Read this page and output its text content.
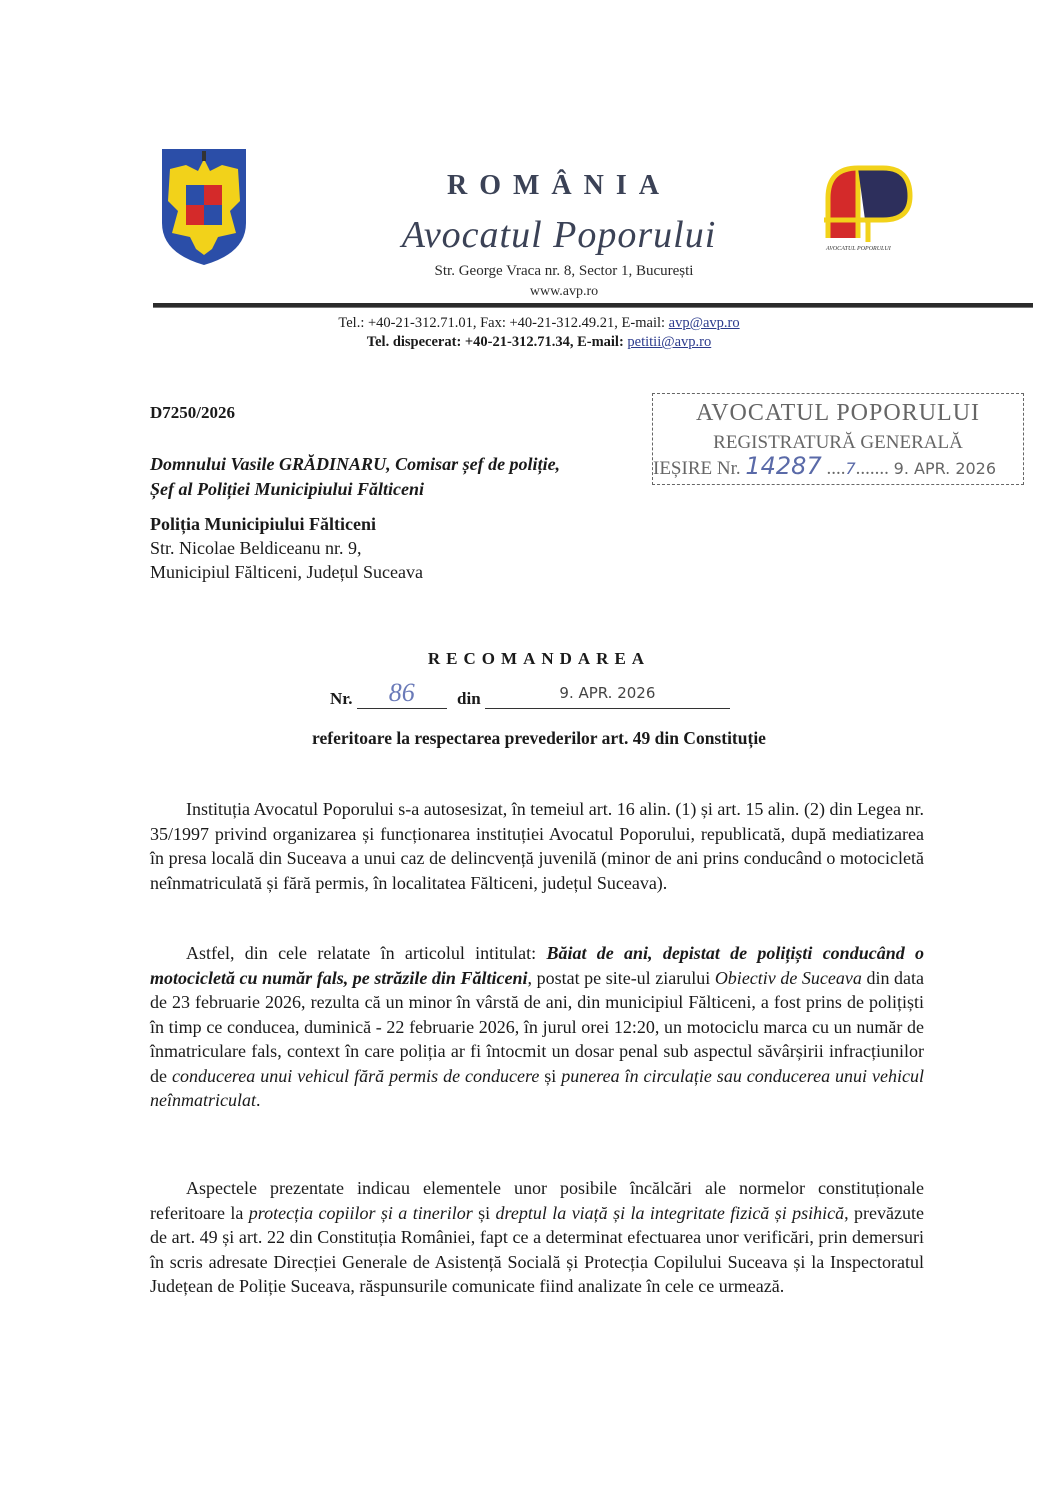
ROMÂNIA
Avocatul Poporului
Str. George Vraca nr. 8, Sector 1, București
www.avp.ro
AVOCATUL POPORULUI
Tel.: +40-21-312.71.01, Fax: +40-21-312.49.21, E-mail: avp@avp.ro
Tel. dispecerat: +40-21-312.71.34, E-mail: petitii@avp.ro
AVOCATUL POPORULUI
REGISTRATURĂ GENERALĂ
IEȘIRE Nr. 14287 ....7....... 9. APR. 2026
D7250/2026
Domnului Vasile GRĂDINARU, Comisar șef de poliție,
Șef al Poliției Municipiului Fălticeni
Poliția Municipiului Fălticeni
Str. Nicolae Beldiceanu nr. 9,
Municipiul Fălticeni, Județul Suceava
RECOMANDAREA
Nr. 86 din	9. APR. 2026
referitoare la respectarea prevederilor art. 49 din Constituție

Instituția Avocatul Poporului s-a autosesizat, în temeiul art. 16 alin. (1) și art. 15 alin. (2) din Legea nr. 35/1997 privind organizarea și funcționarea instituției Avocatul Poporului, republicată, după mediatizarea în presa locală din Suceava a unui caz de delincvență juvenilă (minor de ani prins conducând o motocicletă neînmatriculată și fără permis, în localitatea Fălticeni, județul Suceava).

Astfel, din cele relatate în articolul intitulat: Băiat de ani, depistat de polițiști conducând o motocicletă cu număr fals, pe străzile din Fălticeni, postat pe site-ul ziarului Obiectiv de Suceava din data de 23 februarie 2026, rezulta că un minor în vârstă de ani, din municipiul Fălticeni, a fost prins de polițiști în timp ce conducea, duminică - 22 februarie 2026, în jurul orei 12:20, un motociclu marca cu un număr de înmatriculare fals, context în care poliția ar fi întocmit un dosar penal sub aspectul săvârșirii infracțiunilor de conducerea unui vehicul fără permis de conducere și punerea în circulație sau conducerea unui vehicul neînmatriculat.

Aspectele prezentate indicau elementele unor posibile încălcări ale normelor constituționale referitoare la protecția copiilor și a tinerilor și dreptul la viață și la integritate fizică și psihică, prevăzute de art. 49 și art. 22 din Constituția României, fapt ce a determinat efectuarea unor verificări, prin demersuri în scris adresate Direcției Generale de Asistență Socială și Protecția Copilului Suceava și la Inspectoratul Județean de Poliție Suceava, răspunsurile comunicate fiind analizate în cele ce urmează.
